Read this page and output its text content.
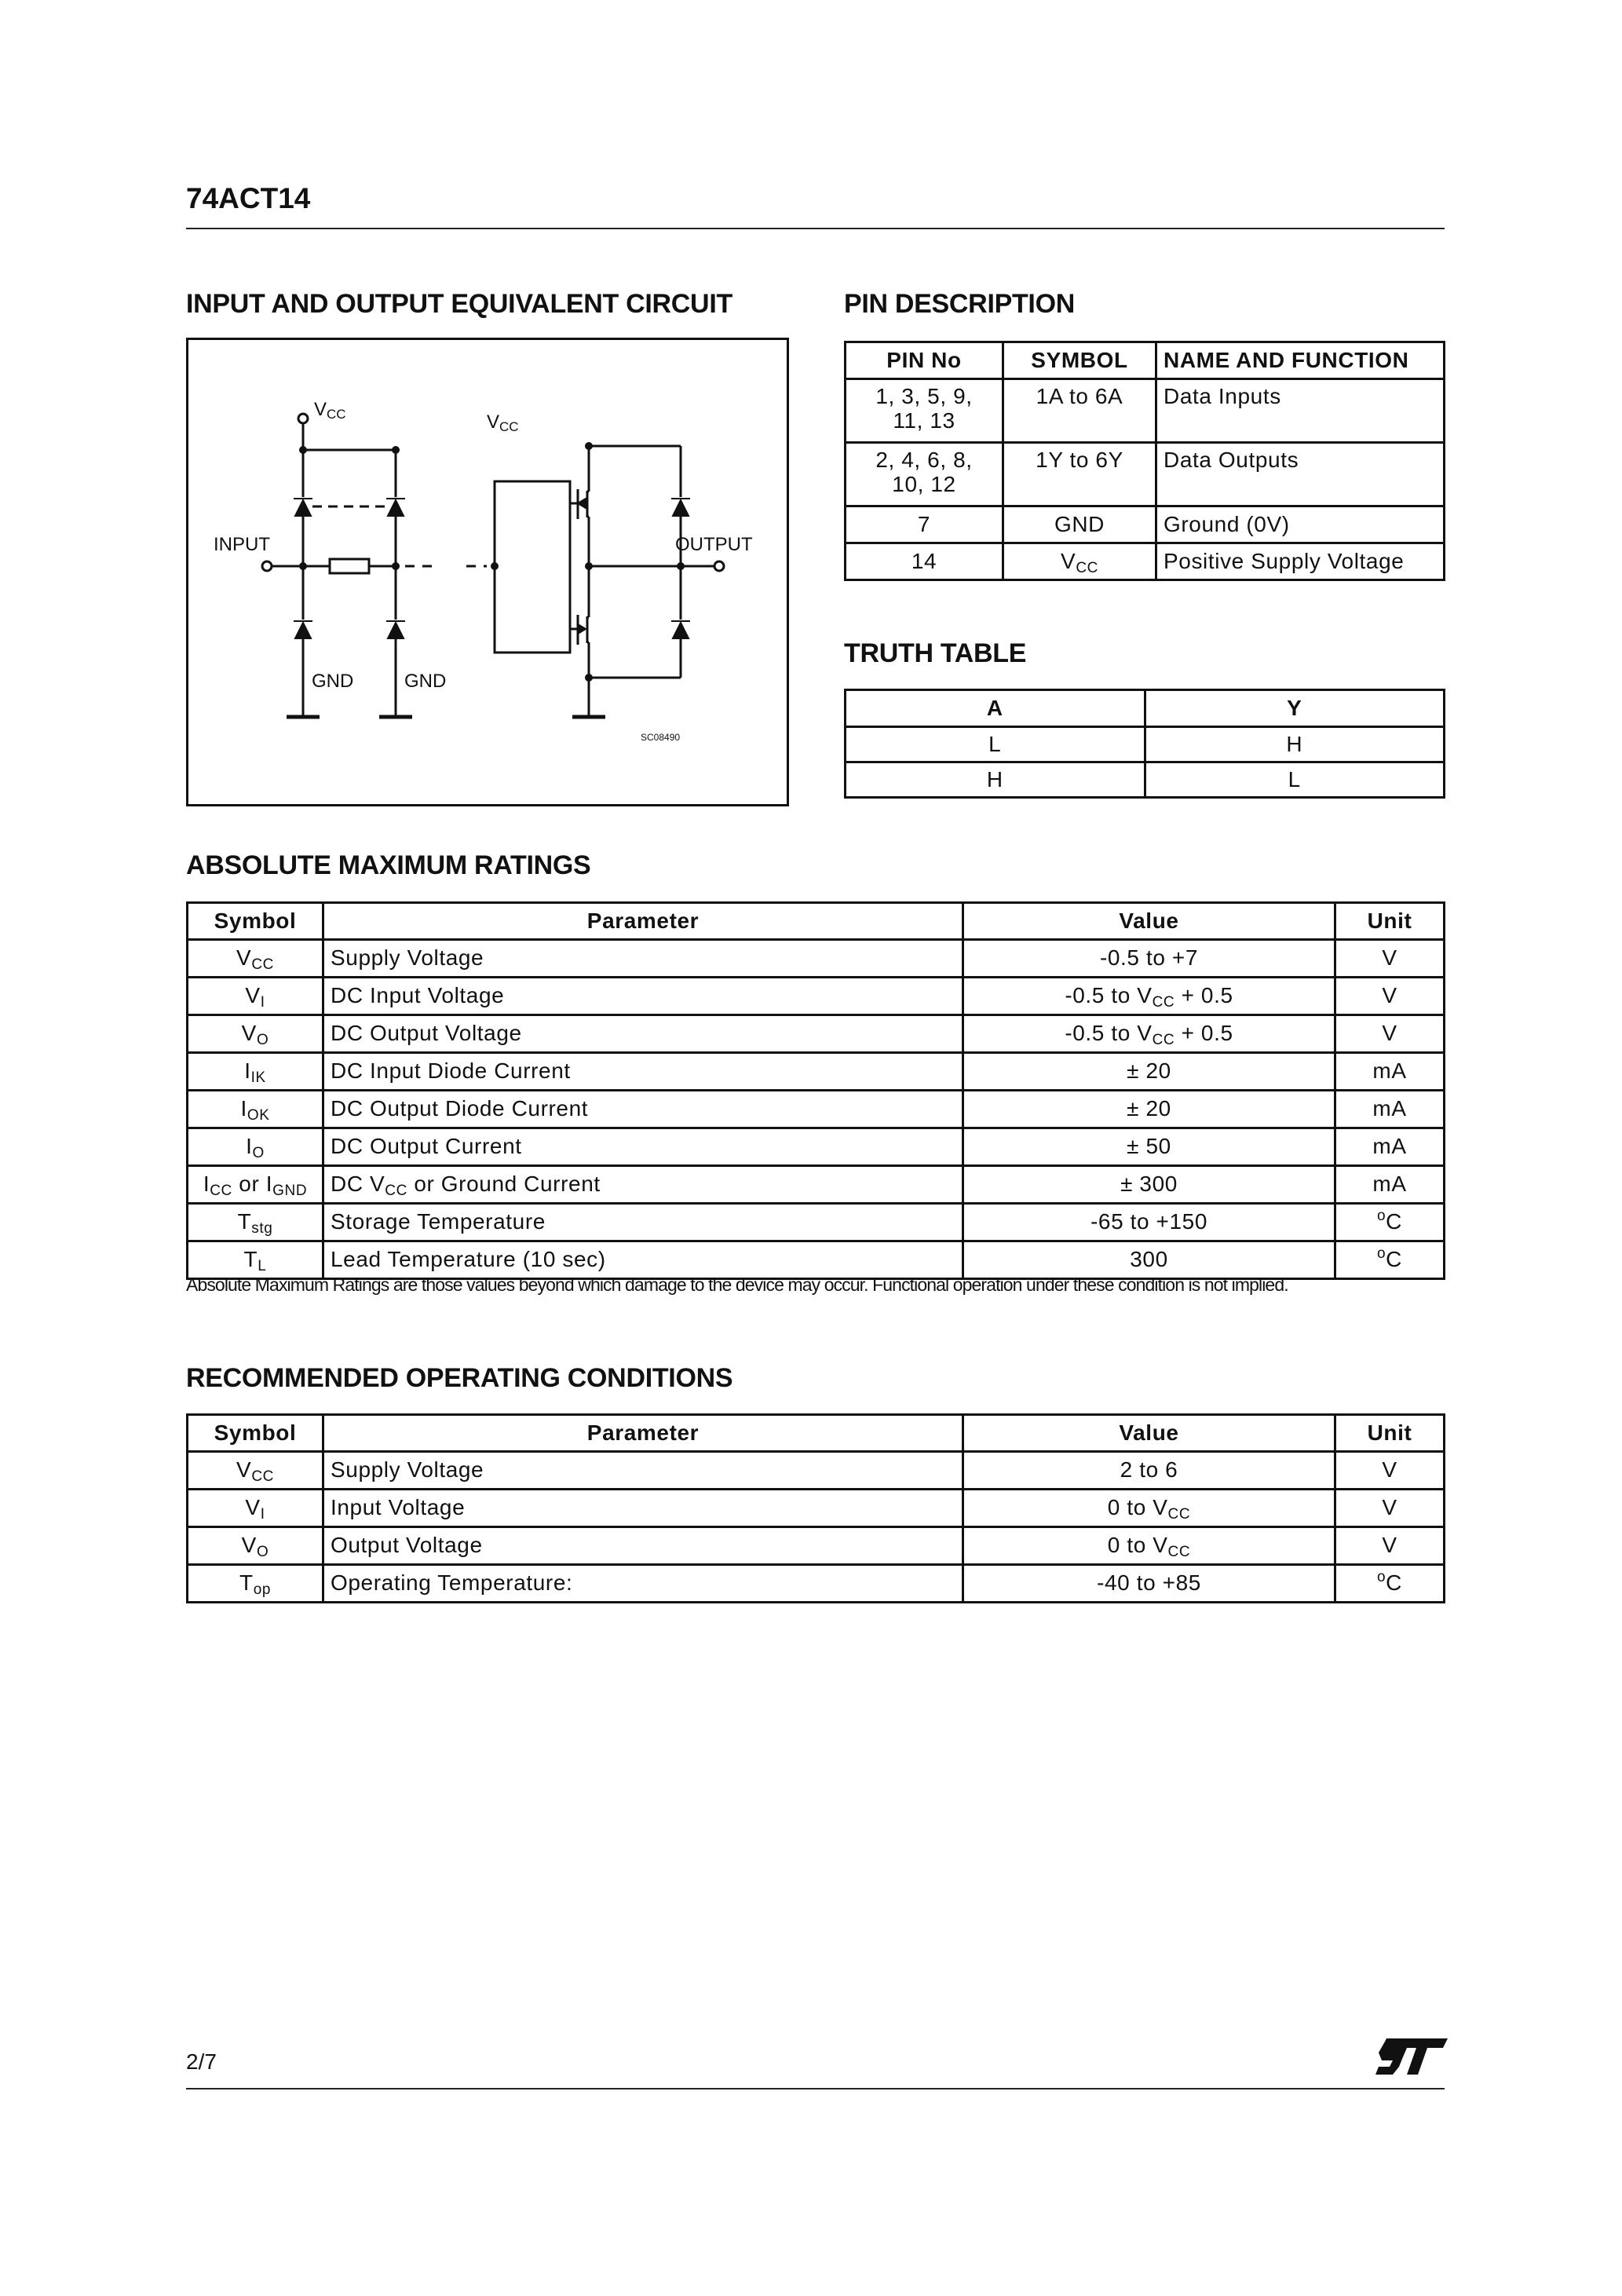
74ACT14
INPUT AND OUTPUT EQUIVALENT CIRCUIT	PIN DESCRIPTION
VCC	VCC
INPUT	OUTPUT
GND	GND
SC08490
PIN No	SYMBOL	NAME AND FUNCTION
1, 3, 5, 9,
11, 13	1A to 6A	Data Inputs
2, 4, 6, 8,
10, 12	1Y to 6Y	Data Outputs
7	GND	Ground (0V)
14	$V_{CC}$	Positive Supply Voltage
TRUTH TABLE
A	Y
L	H
H	L
ABSOLUTE MAXIMUM RATINGS
Symbol	Parameter	Value	Unit
$V_{CC}$	Supply Voltage	-0.5 to +7	V
$V_I$	DC Input Voltage	-0.5 to $V_{CC} + 0.5$	V
$V_O$	DC Output Voltage	-0.5 to $V_{CC} + 0.5$	V
$I_{IK}$	DC Input Diode Current	± 20	mA
$I_{OK}$	DC Output Diode Current	± 20	mA
$I_O$	DC Output Current	± 50	mA
$I_{CC}$ or $I_{GND}$	DC $V_{CC}$ or Ground Current	± 300	mA
$T_{stg}$	Storage Temperature	-65 to +150	$^o$C
$T_L$	Lead Temperature (10 sec)	300	$^o$C
Absolute Maximum Ratings are those values beyond which damage to the device may occur. Functional operation under these condition is not implied.
RECOMMENDED OPERATING CONDITIONS
Symbol	Parameter	Value	Unit
$V_{CC}$	Supply Voltage	2 to 6	V
$V_I$	Input Voltage	0 to $V_{CC}$	V
$V_O$	Output Voltage	0 to $V_{CC}$	V
$T_{op}$	Operating Temperature:	-40 to +85	$^o$C
2/7
ST
